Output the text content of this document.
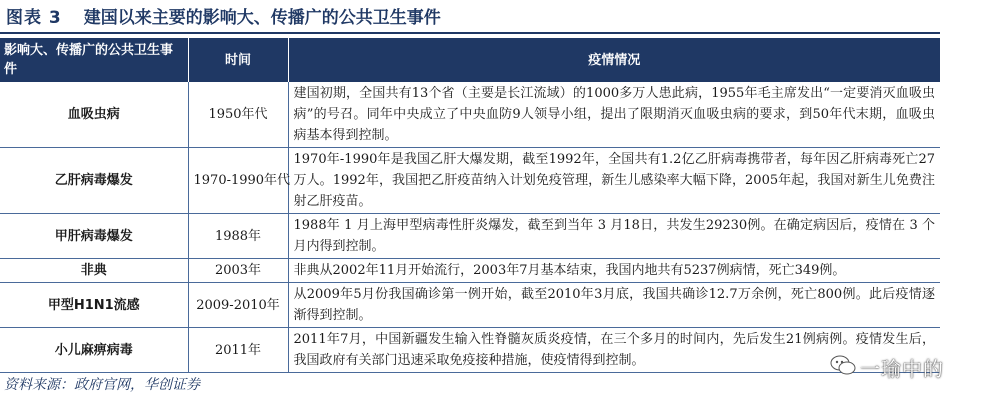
图表 3 建国以来主要的影响大、传播广的公共卫生事件
影响大、传播广的公共卫生事件	时间	疫情情况
血吸虫病	1950年代	建国初期，全国共有13个省（主要是长江流域）的1000多万人患此病，1955年毛主席发出“一定要消灭血吸虫病”的号召。同年中央成立了中央血防9人领导小组，提出了限期消灭血吸虫病的要求，到50年代末期，血吸虫病基本得到控制。
乙肝病毒爆发	1970-1990年代	1970年-1990年是我国乙肝大爆发期，截至1992年，全国共有1.2亿乙肝病毒携带者，每年因乙肝病毒死亡27万人。1992年，我国把乙肝疫苗纳入计划免疫管理，新生儿感染率大幅下降，2005年起，我国对新生儿免费注射乙肝疫苗。
甲肝病毒爆发	1988年	1988年 1 月上海甲型病毒性肝炎爆发，截至到当年 3 月18日，共发生29230例。在确定病因后，疫情在 3 个月内得到控制。
非典	2003年	非典从2002年11月开始流行，2003年7月基本结束，我国内地共有5237例病情，死亡349例。
甲型H1N1流感	2009-2010年	从2009年5月份我国确诊第一例开始，截至2010年3月底，我国共确诊12.7万余例，死亡800例。此后疫情逐渐得到控制。
小儿麻痹病毒	2011年	2011年7月，中国新疆发生输入性脊髓灰质炎疫情，在三个多月的时间内，先后发生21例病例。疫情发生后，我国政府有关部门迅速采取免疫接种措施，使疫情得到控制。
资料来源：政府官网，华创证券
一瑜中的
